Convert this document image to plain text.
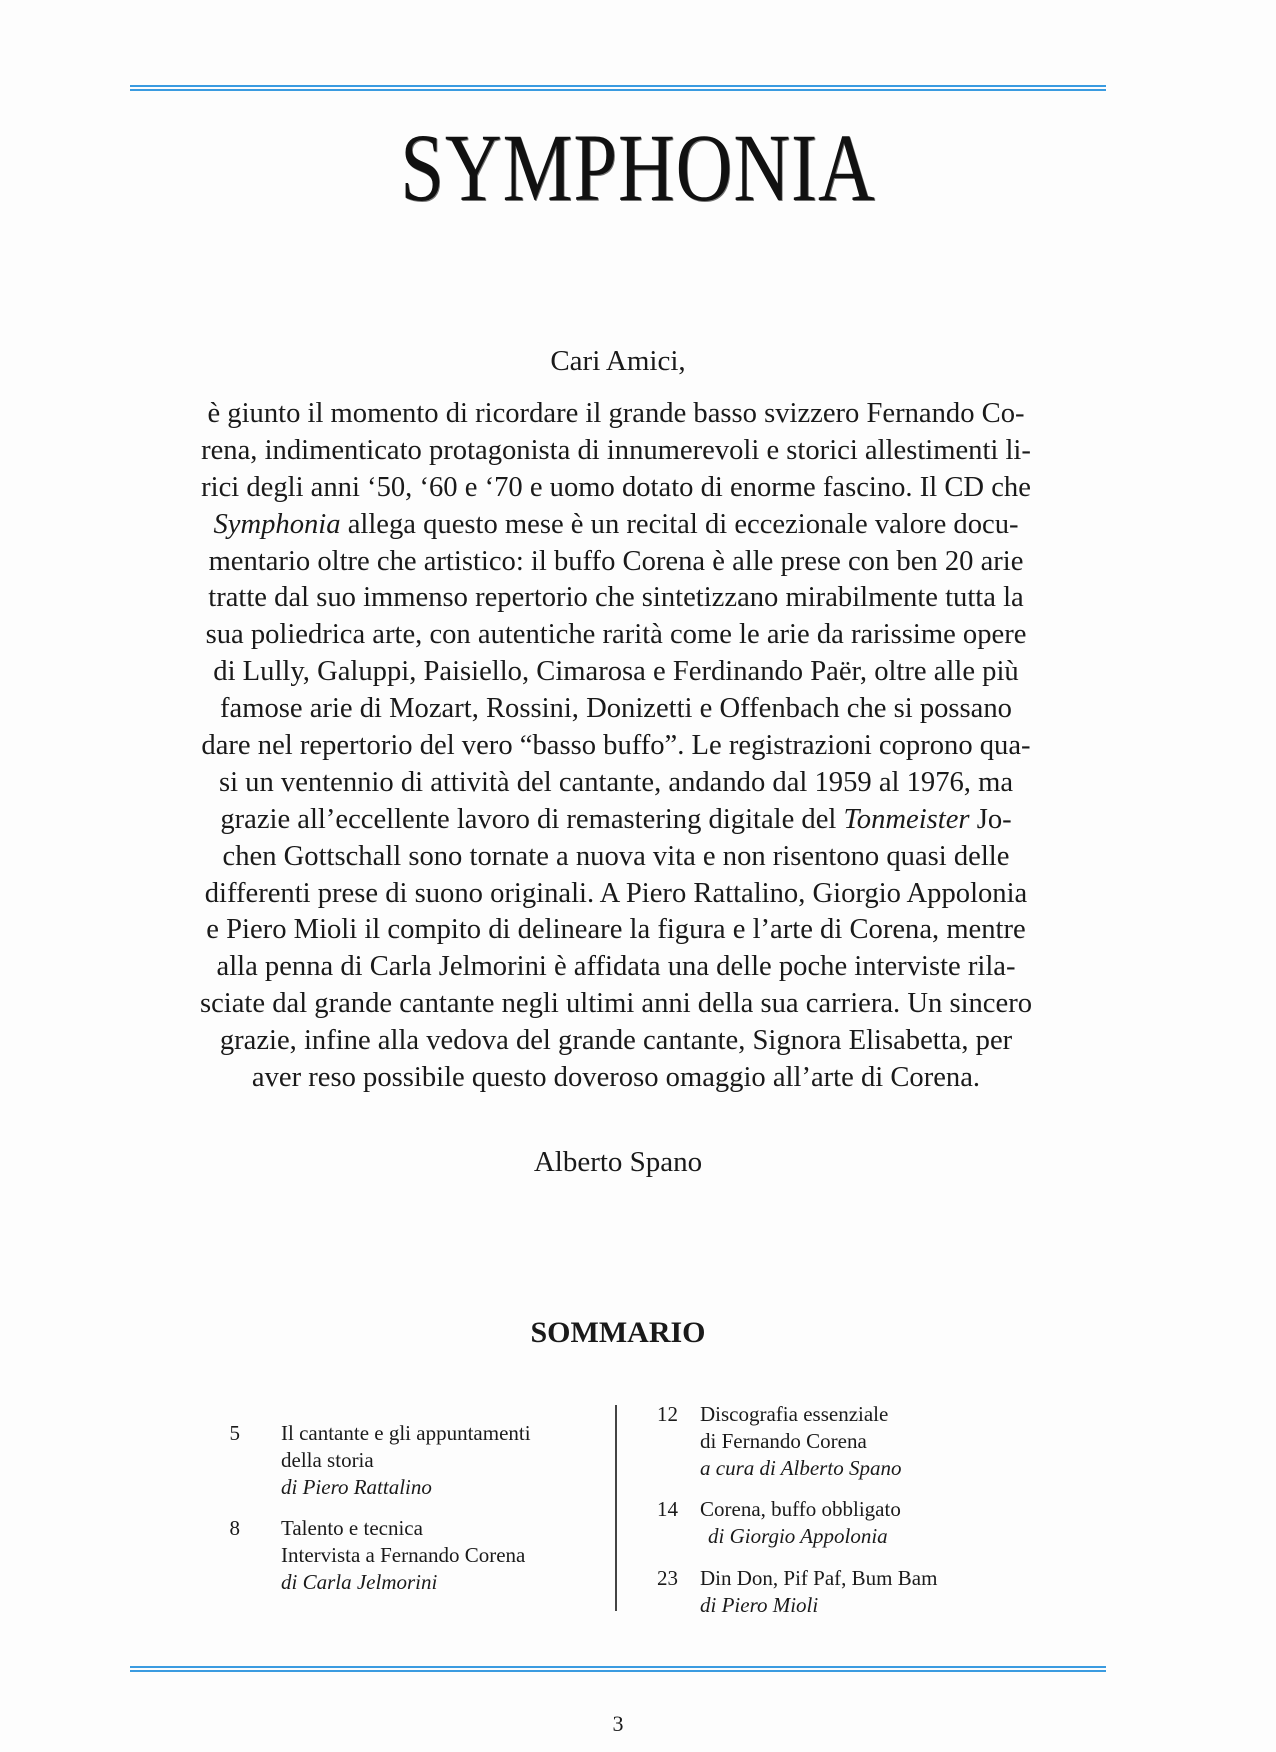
SYMPHONIA
Cari Amici,
è giunto il momento di ricordare il grande basso svizzero Fernando Co-
rena, indimenticato protagonista di innumerevoli e storici allestimenti li-
rici degli anni ‘50, ‘60 e ‘70 e uomo dotato di enorme fascino. Il CD che
Symphonia allega questo mese è un recital di eccezionale valore docu-
mentario oltre che artistico: il buffo Corena è alle prese con ben 20 arie
tratte dal suo immenso repertorio che sintetizzano mirabilmente tutta la
sua poliedrica arte, con autentiche rarità come le arie da rarissime opere
di Lully, Galuppi, Paisiello, Cimarosa e Ferdinando Paër, oltre alle più
famose arie di Mozart, Rossini, Donizetti e Offenbach che si possano
dare nel repertorio del vero “basso buffo”. Le registrazioni coprono qua-
si un ventennio di attività del cantante, andando dal 1959 al 1976, ma
grazie all’eccellente lavoro di remastering digitale del Tonmeister Jo-
chen Gottschall sono tornate a nuova vita e non risentono quasi delle
differenti prese di suono originali. A Piero Rattalino, Giorgio Appolonia
e Piero Mioli il compito di delineare la figura e l’arte di Corena, mentre
alla penna di Carla Jelmorini è affidata una delle poche interviste rila-
sciate dal grande cantante negli ultimi anni della sua carriera. Un sincero
grazie, infine alla vedova del grande cantante, Signora Elisabetta, per
aver reso possibile questo doveroso omaggio all’arte di Corena.
Alberto Spano
SOMMARIO
5 Il cantante e gli appuntamenti
della storia
di Piero Rattalino
8 Talento e tecnica
Intervista a Fernando Corena
di Carla Jelmorini
12 Discografia essenziale
di Fernando Corena
a cura di Alberto Spano
14 Corena, buffo obbligato
di Giorgio Appolonia
23 Din Don, Pif Paf, Bum Bam
di Piero Mioli
3
